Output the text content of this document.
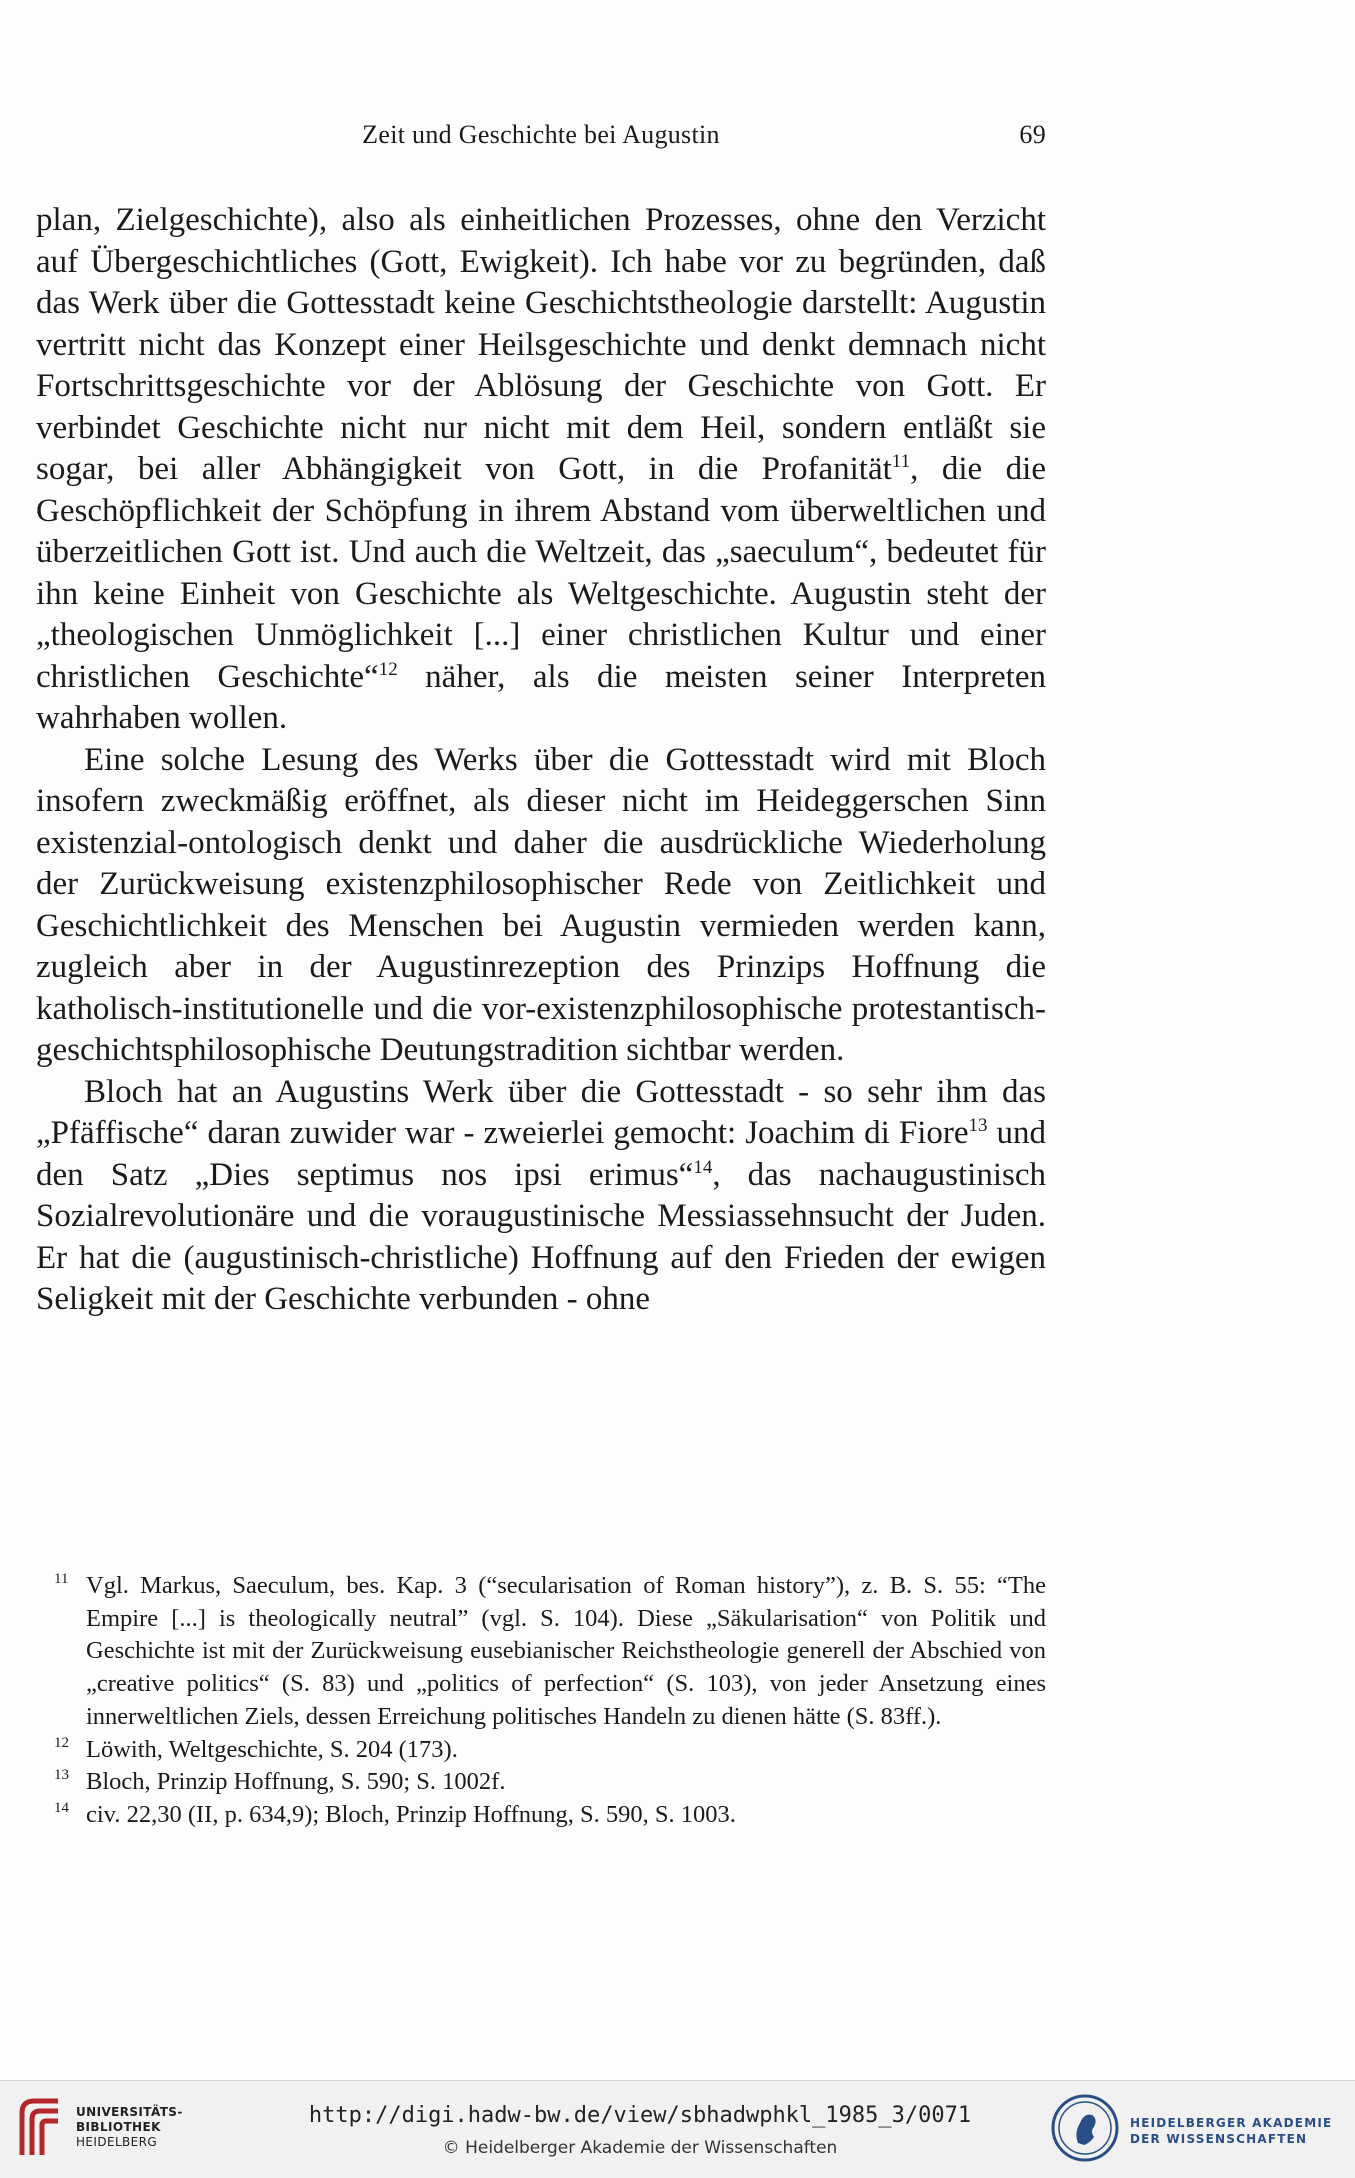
Zeit und Geschichte bei Augustin	69

plan, Zielgeschichte), also als einheitlichen Prozesses, ohne den Verzicht auf Übergeschichtliches (Gott, Ewigkeit). Ich habe vor zu begründen, daß das Werk über die Gottesstadt keine Geschichtstheologie darstellt: Augustin vertritt nicht das Konzept einer Heilsgeschichte und denkt demnach nicht Fortschrittsgeschichte vor der Ablösung der Geschichte von Gott. Er verbindet Geschichte nicht nur nicht mit dem Heil, sondern entläßt sie sogar, bei aller Abhängigkeit von Gott, in die Profanität$^{11}$, die die Geschöpflichkeit der Schöpfung in ihrem Abstand vom überweltlichen und überzeitlichen Gott ist. Und auch die Weltzeit, das „saeculum“, bedeutet für ihn keine Einheit von Geschichte als Weltgeschichte. Augustin steht der „theologischen Unmöglichkeit [...] einer christlichen Kultur und einer christlichen Geschichte“$^{12}$ näher, als die meisten seiner Interpreten wahrhaben wollen.

Eine solche Lesung des Werks über die Gottesstadt wird mit Bloch insofern zweckmäßig eröffnet, als dieser nicht im Heideggerschen Sinn existenzial-ontologisch denkt und daher die ausdrückliche Wiederholung der Zurückweisung existenzphilosophischer Rede von Zeitlichkeit und Geschichtlichkeit des Menschen bei Augustin vermieden werden kann, zugleich aber in der Augustinrezeption des Prinzips Hoffnung die katholisch-institutionelle und die vor-existenzphilosophische protestantisch-geschichtsphilosophische Deutungstradition sichtbar werden.

Bloch hat an Augustins Werk über die Gottesstadt - so sehr ihm das „Pfäffische“ daran zuwider war - zweierlei gemocht: Joachim di Fiore$^{13}$ und den Satz „Dies septimus nos ipsi erimus“$^{14}$, das nachaugustinisch Sozialrevolutionäre und die voraugustinische Messiassehnsucht der Juden. Er hat die (augustinisch-christliche) Hoffnung auf den Frieden der ewigen Seligkeit mit der Geschichte verbunden - ohne

11 Vgl. Markus, Saeculum, bes. Kap. 3 (“secularisation of Roman history”), z. B. S. 55: “The Empire [...] is theologically neutral” (vgl. S. 104). Diese „Säkularisation“ von Politik und Geschichte ist mit der Zurückweisung eusebianischer Reichstheologie generell der Abschied von „creative politics“ (S. 83) und „politics of perfection“ (S. 103), von jeder Ansetzung eines innerweltlichen Ziels, dessen Erreichung politisches Handeln zu dienen hätte (S. 83ff.).
12 Löwith, Weltgeschichte, S. 204 (173).
13 Bloch, Prinzip Hoffnung, S. 590; S. 1002f.
14 civ. 22,30 (II, p. 634,9); Bloch, Prinzip Hoffnung, S. 590, S. 1003.
UNIVERSITÄTS-
BIBLIOTHEK
HEIDELBERG
http://digi.hadw-bw.de/view/sbhadwphkl_1985_3/0071
© Heidelberger Akademie der Wissenschaften
HEIDELBERGER AKADEMIE
DER WISSENSCHAFTEN
